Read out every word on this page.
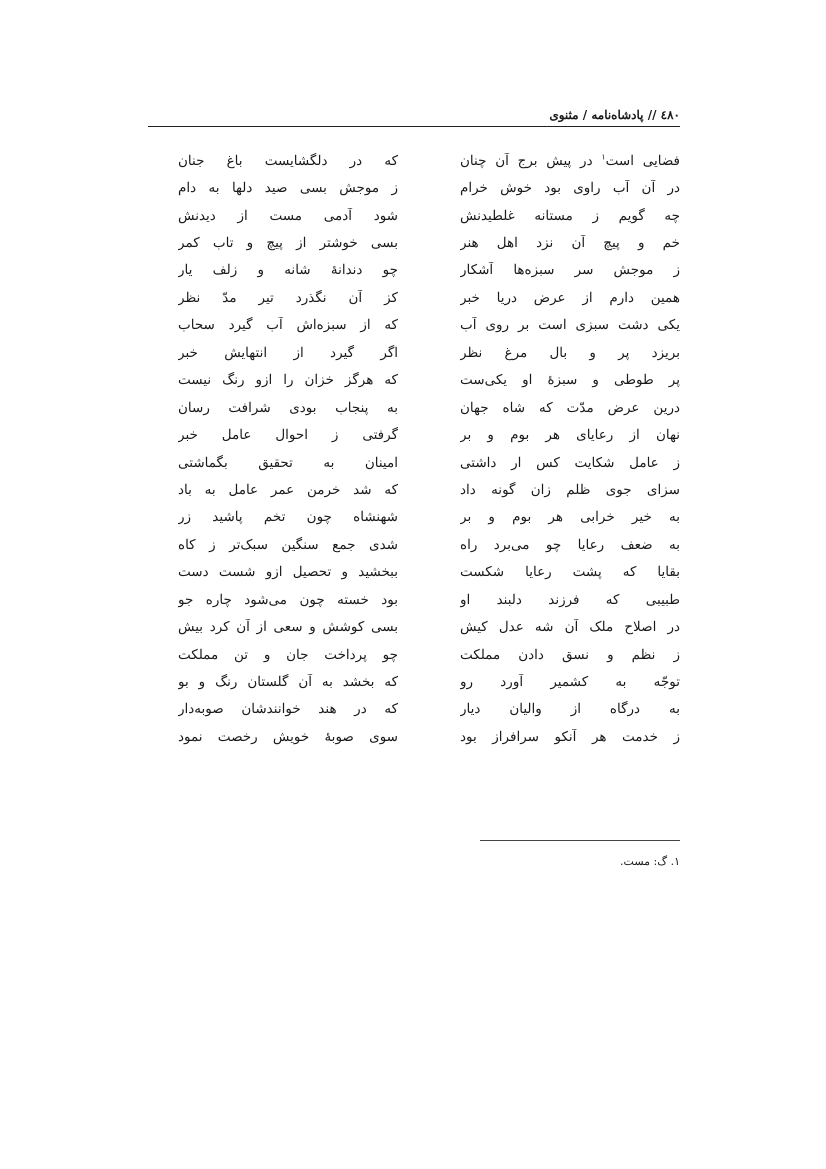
٤٨٠ // پادشاه‌نامه / مثنوی
فضایی است$^۱$ در پیش برج آن چنان
که در دلگشایست باغ جنان
در آن آب راوی بود خوش خرام
ز موجش بسی صید دلها به دام
چه گویم ز مستانه غلطیدنش
شود آدمی مست از دیدنش
خم و پیچ آن نزد اهل هنر
بسی خوشتر از پیچ و تاب کمر
ز موجش سر سبزه‌ها آشکار
چو دندانهٔ شانه و زلف یار
همین دارم از عرض دریا خبر
کز آن نگذرد تیر مدّ نظر
یکی دشت سبزی است بر روی آب
که از سبزه‌اش آب گیرد سحاب
بریزد پر و بال مرغ نظر
اگر گیرد از انتهایش خبر
پر طوطی و سبزهٔ او یکی‌ست
که هرگز خزان را ازو رنگ نیست
درین عرض مدّت که شاه جهان
به پنجاب بودی شرافت رسان
نهان از رعایای هر بوم و بر
گرفتی ز احوال عامل خبر
ز عامل شکایت کس ار داشتی
امینان به تحقیق بگماشتی
سزای جوی ظلم زان گونه داد
که شد خرمن عمر عامل به باد
به خیر خرابی هر بوم و بر
شهنشاه چون تخم پاشید زر
به ضعف رعایا چو می‌برد راه
شدی جمع سنگین سبک‌تر ز کاه
بقایا که پشت رعایا شکست
ببخشید و تحصیل ازو شست دست
طبیبی که فرزند دلبند او
بود خسته چون می‌شود چاره جو
در اصلاح ملک آن شه عدل کیش
بسی کوشش و سعی از آن کرد بیش
ز نظم و نسق دادن مملکت
چو پرداخت جان و تن مملکت
توجّه به کشمیر آورد رو
که بخشد به آن گلستان رنگ و بو
به درگاه از والیان دیار
که در هند خوانندشان صوبه‌دار
ز خدمت هر آنکو سرافراز بود
سوی صوبهٔ خویش رخصت نمود
۱. گ: مست.
